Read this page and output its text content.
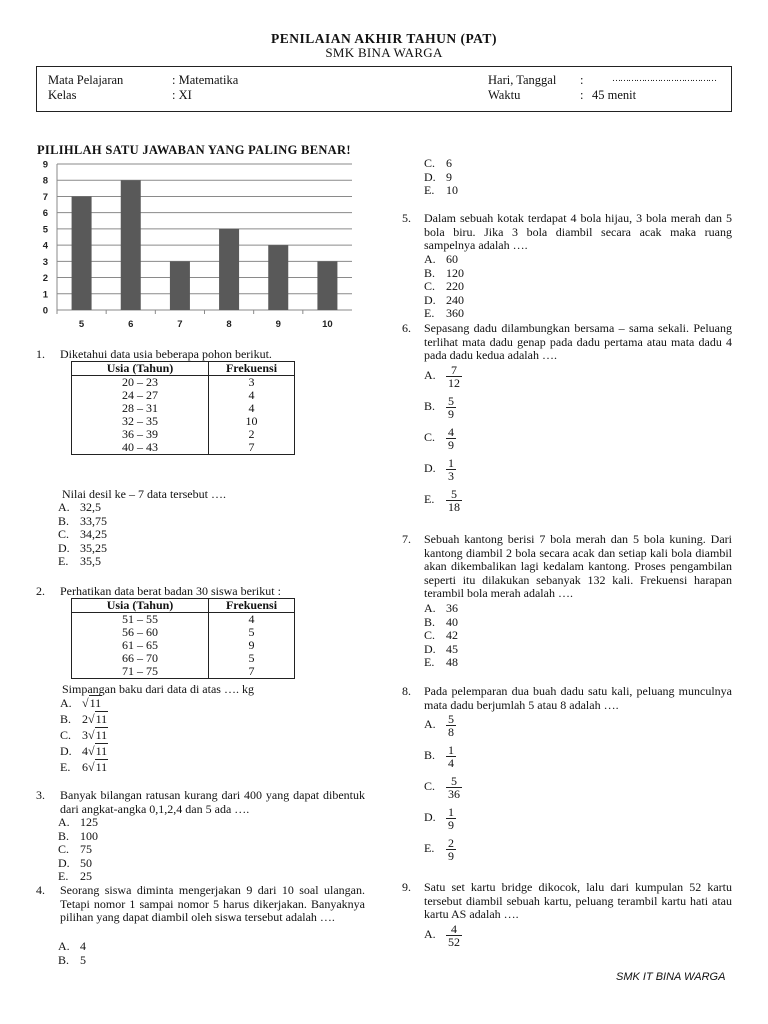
PENILAIAN AKHIR TAHUN (PAT)
SMK BINA WARGA
Mata Pelajaran	: Matematika
Kelas	: XI
Hari, Tanggal :	…………………………………
Waktu	: 45 menit
PILIHLAH SATU JAWABAN YANG PALING BENAR!
0
1
2
3
4
5
6
7
8
9
5	6	7	8	9	10
1. Diketahui data usia beberapa pohon berikut.
Usia (Tahun)	Frekuensi
20 – 23	3
24 – 27	4
28 – 31	4
32 – 35	10
36 – 39	2
40 – 43	7
Nilai desil ke – 7 data tersebut ….
A. 32,5
B. 33,75
C. 34,25
D. 35,25
E. 35,5
2. Perhatikan data berat badan 30 siswa berikut :
Usia (Tahun)	Frekuensi
51 – 55	4
56 – 60	5
61 – 65	9
66 – 70	5
71 – 75	7
Simpangan baku dari data di atas …. kg
A. √11
B. 2√11
C. 3√11
D. 4√11
E. 6√11
3. Banyak bilangan ratusan kurang dari 400 yang dapat dibentuk dari angkat-angka 0,1,2,4 dan 5 ada ….
A. 125
B. 100
C. 75
D. 50
E. 25
4. Seorang siswa diminta mengerjakan 9 dari 10 soal ulangan. Tetapi nomor 1 sampai nomor 5 harus dikerjakan. Banyaknya pilihan yang dapat diambil oleh siswa tersebut adalah ….
A. 4
B. 5
C. 6
D. 9
E. 10
5. Dalam sebuah kotak terdapat 4 bola hijau, 3 bola merah dan 5 bola biru. Jika 3 bola diambil secara acak maka ruang sampelnya adalah ….
A. 60
B. 120
C. 220
D. 240
E. 360
6. Sepasang dadu dilambungkan bersama – sama sekali. Peluang terlihat mata dadu genap pada dadu pertama atau mata dadu 4 pada dadu kedua adalah ….
A. $\frac{7}{12}$
B. $\frac{5}{9}$
C. $\frac{4}{9}$
D. $\frac{1}{3}$
E. $\frac{5}{18}$
7. Sebuah kantong berisi 7 bola merah dan 5 bola kuning. Dari kantong diambil 2 bola secara acak dan setiap kali bola diambil akan dikembalikan lagi kedalam kantong. Proses pengambilan seperti itu dilakukan sebanyak 132 kali. Frekuensi harapan terambil bola merah adalah ….
A. 36
B. 40
C. 42
D. 45
E. 48
8. Pada pelemparan dua buah dadu satu kali, peluang munculnya mata dadu berjumlah 5 atau 8 adalah ….
A. $\frac{5}{8}$
B. $\frac{1}{4}$
C. $\frac{5}{36}$
D. $\frac{1}{9}$
E. $\frac{2}{9}$
9. Satu set kartu bridge dikocok, lalu dari kumpulan 52 kartu tersebut diambil sebuah kartu, peluang terambil kartu hati atau kartu AS adalah ….
A. $\frac{4}{52}$
SMK IT BINA WARGA
